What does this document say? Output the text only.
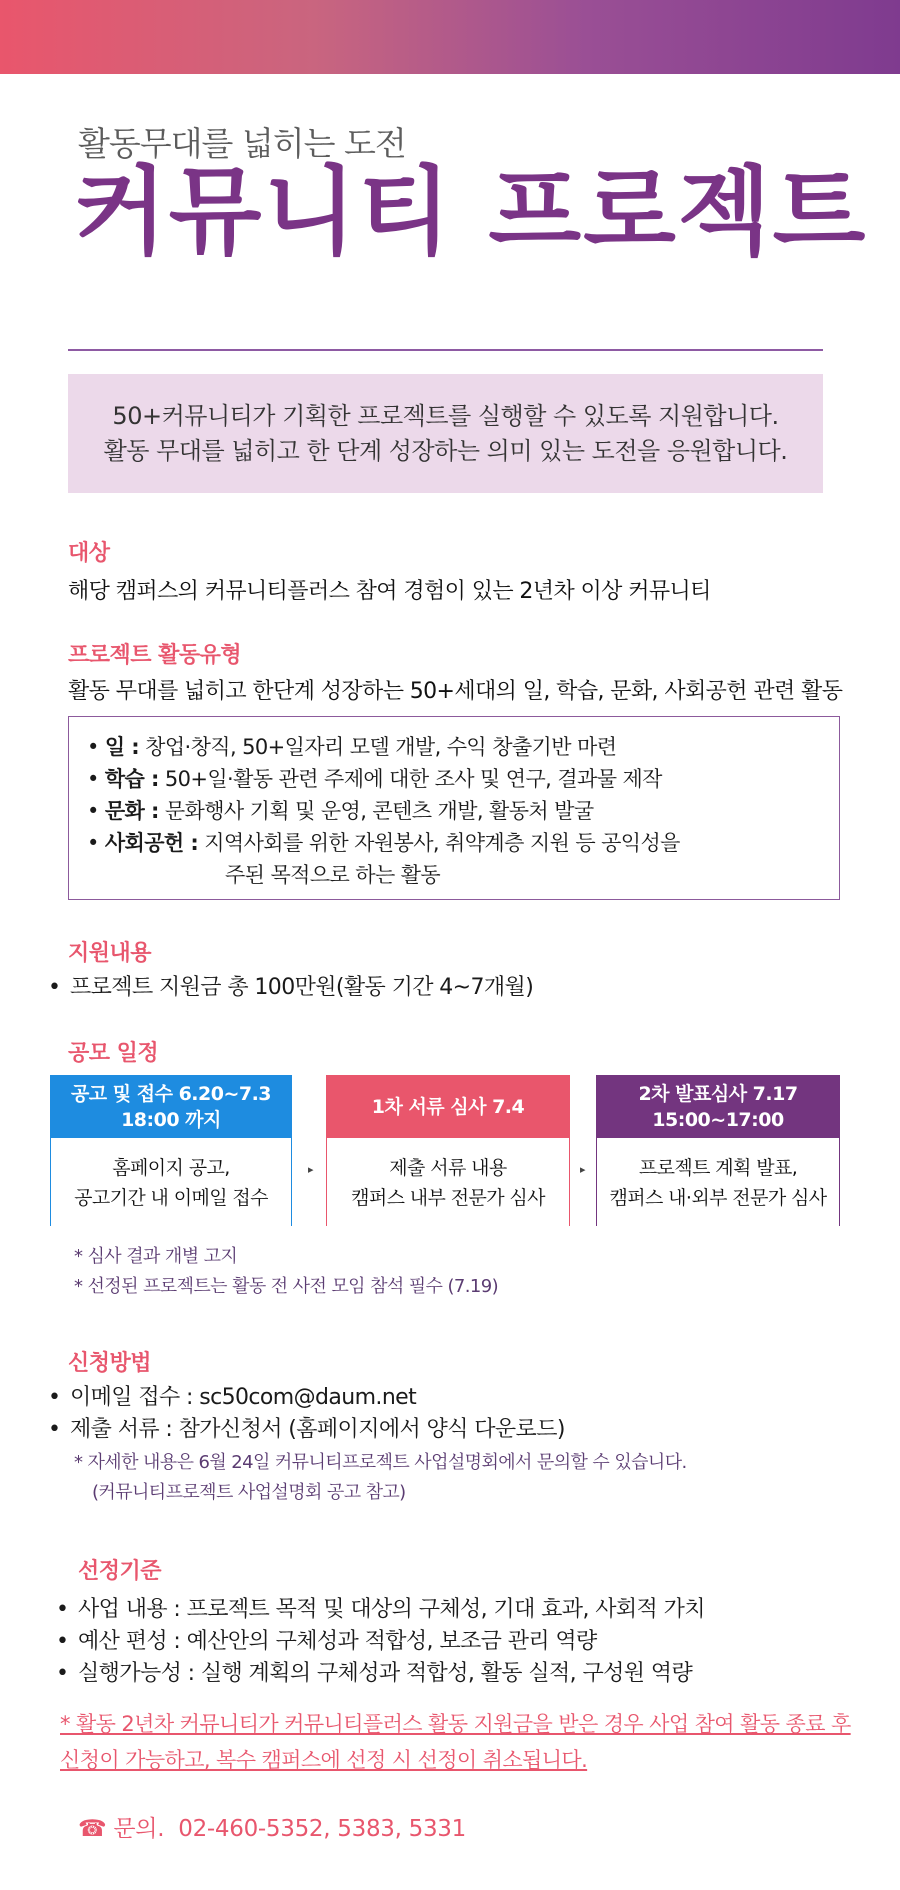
활동무대를 넓히는 도전
커뮤니티 프로젝트

50+커뮤니티가 기획한 프로젝트를 실행할 수 있도록 지원합니다.

활동 무대를 넓히고 한 단계 성장하는 의미 있는 도전을 응원합니다.

대상
해당 캠퍼스의 커뮤니티플러스 참여 경험이 있는 2년차 이상 커뮤니티
프로젝트 활동유형
활동 무대를 넓히고 한단계 성장하는 50+세대의 일, 학습, 문화, 사회공헌 관련 활동
• 일 : 창업·창직, 50+일자리 모델 개발, 수익 창출기반 마련
• 학습 : 50+일·활동 관련 주제에 대한 조사 및 연구, 결과물 제작
• 문화 : 문화행사 기획 및 운영, 콘텐츠 개발, 활동처 발굴
• 사회공헌 : 지역사회를 위한 자원봉사, 취약계층 지원 등 공익성을
주된 목적으로 하는 활동
지원내용
• 프로젝트 지원금 총 100만원(활동 기간 4~7개월)
공모 일정
공고 및 접수 6.20~7.3
18:00 까지
홈페이지 공고,
공고기간 내 이메일 접수
▸
1차 서류 심사 7.4
제출 서류 내용
캠퍼스 내부 전문가 심사
▸
2차 발표심사 7.17
15:00~17:00
프로젝트 계획 발표,
캠퍼스 내·외부 전문가 심사
* 심사 결과 개별 고지
* 선정된 프로젝트는 활동 전 사전 모임 참석 필수 (7.19)
신청방법
• 이메일 접수 : sc50com@daum.net
• 제출 서류 : 참가신청서 (홈페이지에서 양식 다운로드)
* 자세한 내용은 6월 24일 커뮤니티프로젝트 사업설명회에서 문의할 수 있습니다.
(커뮤니티프로젝트 사업설명회 공고 참고)
선정기준
• 사업 내용 : 프로젝트 목적 및 대상의 구체성, 기대 효과, 사회적 가치
• 예산 편성 : 예산안의 구체성과 적합성, 보조금 관리 역량
• 실행가능성 : 실행 계획의 구체성과 적합성, 활동 실적, 구성원 역량
* 활동 2년차 커뮤니티가 커뮤니티플러스 활동 지원금을 받은 경우 사업 참여 활동 종료 후
신청이 가능하고, 복수 캠퍼스에 선정 시 선정이 취소됩니다.
☎ 문의. 02-460-5352, 5383, 5331
